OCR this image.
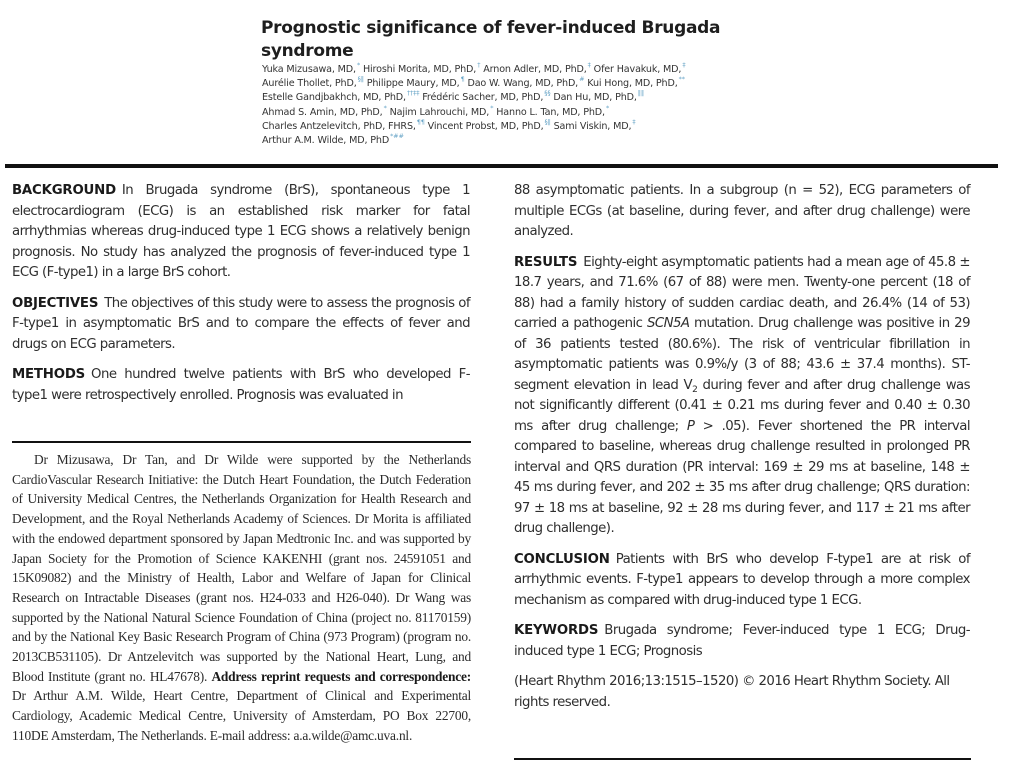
Prognostic significance of fever-induced Brugada syndrome
Yuka Mizusawa, MD,* Hiroshi Morita, MD, PhD,† Arnon Adler, MD, PhD,‡ Ofer Havakuk, MD,‡
Aurélie Thollet, PhD,§‖ Philippe Maury, MD,¶ Dao W. Wang, MD, PhD,# Kui Hong, MD, PhD,**
Estelle Gandjbakhch, MD, PhD,††‡‡ Frédéric Sacher, MD, PhD,§§ Dan Hu, MD, PhD,‖‖
Ahmad S. Amin, MD, PhD,* Najim Lahrouchi, MD,* Hanno L. Tan, MD, PhD,*
Charles Antzelevitch, PhD, FHRS,¶¶ Vincent Probst, MD, PhD,§‖ Sami Viskin, MD,‡
Arthur A.M. Wilde, MD, PhD*##

BACKGROUND In Brugada syndrome (BrS), spontaneous type 1 electrocardiogram (ECG) is an established risk marker for fatal arrhythmias whereas drug-induced type 1 ECG shows a relatively benign prognosis. No study has analyzed the prognosis of fever-induced type 1 ECG (F-type1) in a large BrS cohort.

OBJECTIVES The objectives of this study were to assess the prognosis of F-type1 in asymptomatic BrS and to compare the effects of fever and drugs on ECG parameters.

METHODS One hundred twelve patients with BrS who developed F-type1 were retrospectively enrolled. Prognosis was evaluated in

Dr Mizusawa, Dr Tan, and Dr Wilde were supported by the Netherlands CardioVascular Research Initiative: the Dutch Heart Foundation, the Dutch Federation of University Medical Centres, the Netherlands Organization for Health Research and Development, and the Royal Netherlands Academy of Sciences. Dr Morita is affiliated with the endowed department sponsored by Japan Medtronic Inc. and was supported by Japan Society for the Promotion of Science KAKENHI (grant nos. 24591051 and 15K09082) and the Ministry of Health, Labor and Welfare of Japan for Clinical Research on Intractable Diseases (grant nos. H24-033 and H26-040). Dr Wang was supported by the National Natural Science Foundation of China (project no. 81170159) and by the National Key Basic Research Program of China (973 Program) (program no. 2013CB531105). Dr Antzelevitch was supported by the National Heart, Lung, and Blood Institute (grant no. HL47678). Address reprint requests and correspondence: Dr Arthur A.M. Wilde, Heart Centre, Department of Clinical and Experimental Cardiology, Academic Medical Centre, University of Amsterdam, PO Box 22700, 110DE Amsterdam, The Netherlands. E-mail address: a.a.wilde@amc.uva.nl.

88 asymptomatic patients. In a subgroup (n = 52), ECG parameters of multiple ECGs (at baseline, during fever, and after drug challenge) were analyzed.

RESULTS Eighty-eight asymptomatic patients had a mean age of 45.8 ± 18.7 years, and 71.6% (67 of 88) were men. Twenty-one percent (18 of 88) had a family history of sudden cardiac death, and 26.4% (14 of 53) carried a pathogenic SCN5A mutation. Drug challenge was positive in 29 of 36 patients tested (80.6%). The risk of ventricular fibrillation in asymptomatic patients was 0.9%/y (3 of 88; 43.6 ± 37.4 months). ST-segment elevation in lead $V_2$ during fever and after drug challenge was not significantly different (0.41 ± 0.21 ms during fever and 0.40 ± 0.30 ms after drug challenge; P > .05). Fever shortened the PR interval compared to baseline, whereas drug challenge resulted in prolonged PR interval and QRS duration (PR interval: 169 ± 29 ms at baseline, 148 ± 45 ms during fever, and 202 ± 35 ms after drug challenge; QRS duration: 97 ± 18 ms at baseline, 92 ± 28 ms during fever, and 117 ± 21 ms after drug challenge).

CONCLUSION Patients with BrS who develop F-type1 are at risk of arrhythmic events. F-type1 appears to develop through a more complex mechanism as compared with drug-induced type 1 ECG.

KEYWORDS Brugada syndrome; Fever-induced type 1 ECG; Drug-induced type 1 ECG; Prognosis

(Heart Rhythm 2016;13:1515–1520) © 2016 Heart Rhythm Society. All rights reserved.
